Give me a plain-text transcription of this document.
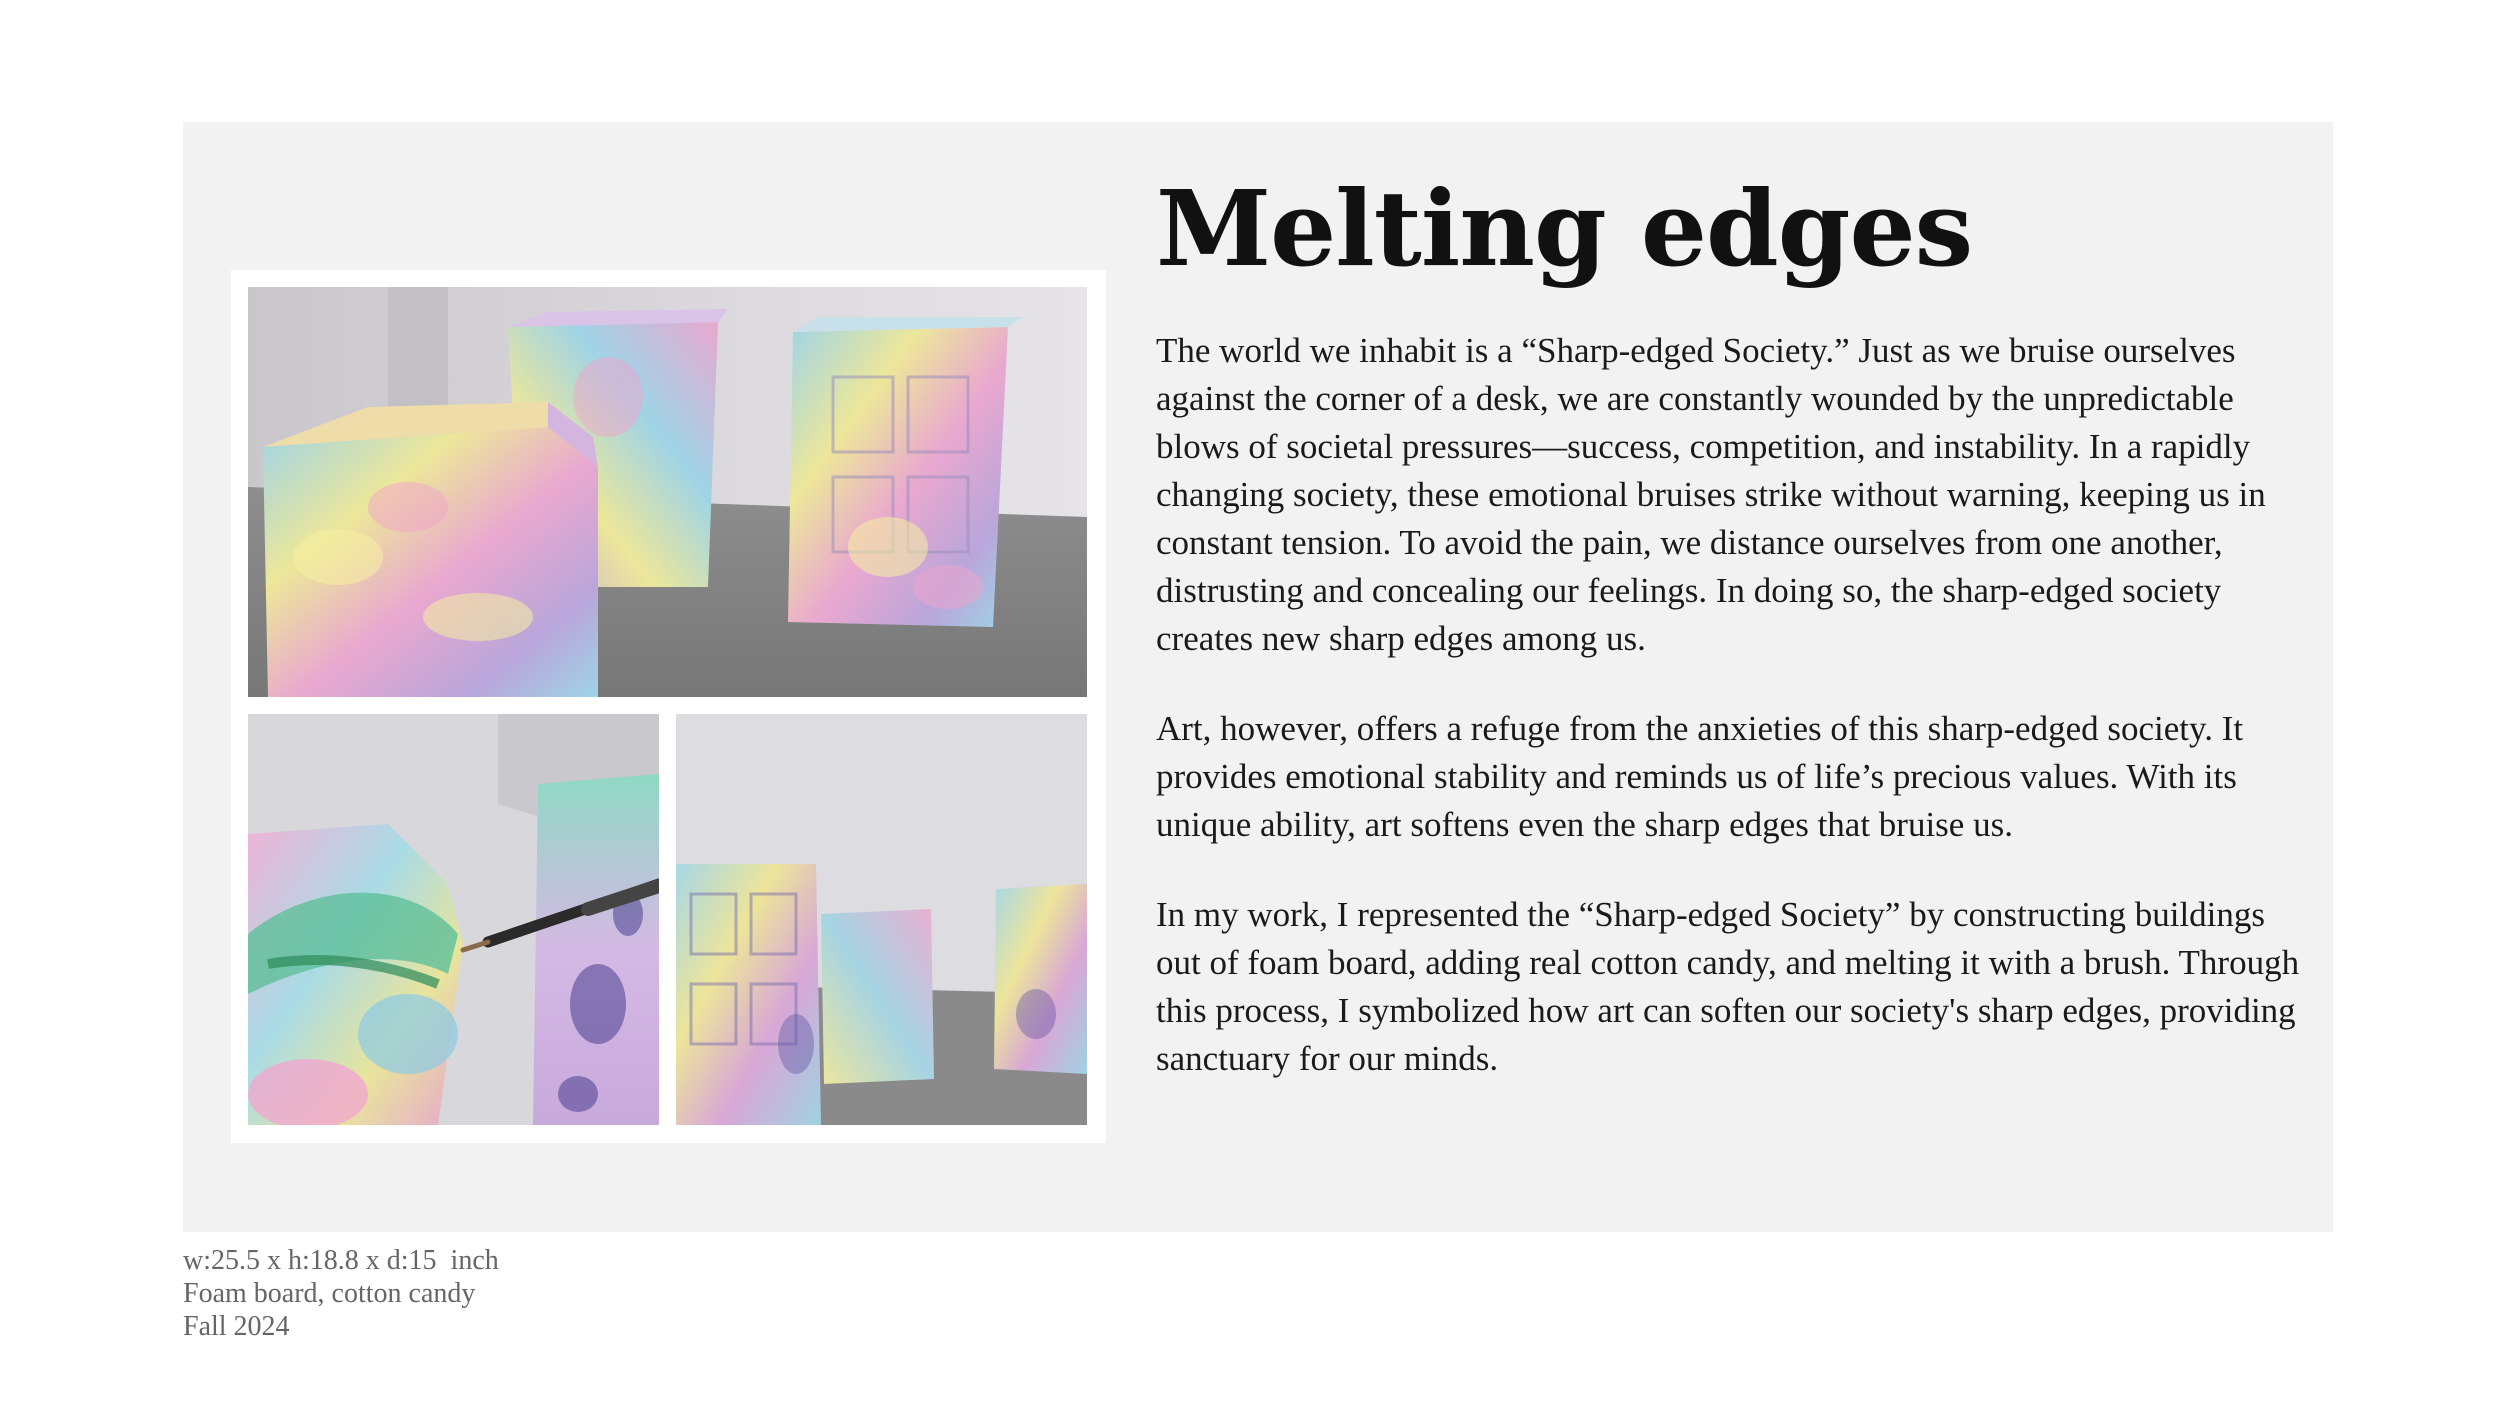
Melting edges

The world we inhabit is a “Sharp-edged Society.” Just as we bruise ourselves against the corner of a desk, we are constantly wounded by the unpredictable blows of societal pressures—success, competition, and instability. In a rapidly changing society, these emotional bruises strike without warning, keeping us in constant tension. To avoid the pain, we distance ourselves from one another, distrusting and concealing our feelings. In doing so, the sharp-edged society creates new sharp edges among us.

Art, however, offers a refuge from the anxieties of this sharp-edged society. It provides emotional stability and reminds us of life’s precious values. With its unique ability, art softens even the sharp edges that bruise us.

In my work, I represented the “Sharp-edged Society” by constructing buildings out of foam board, adding real cotton candy, and melting it with a brush. Through this process, I symbolized how art can soften our society's sharp edges, providing sanctuary for our minds.

w:25.5 x h:18.8 x d:15  inch
Foam board, cotton candy
Fall 2024
